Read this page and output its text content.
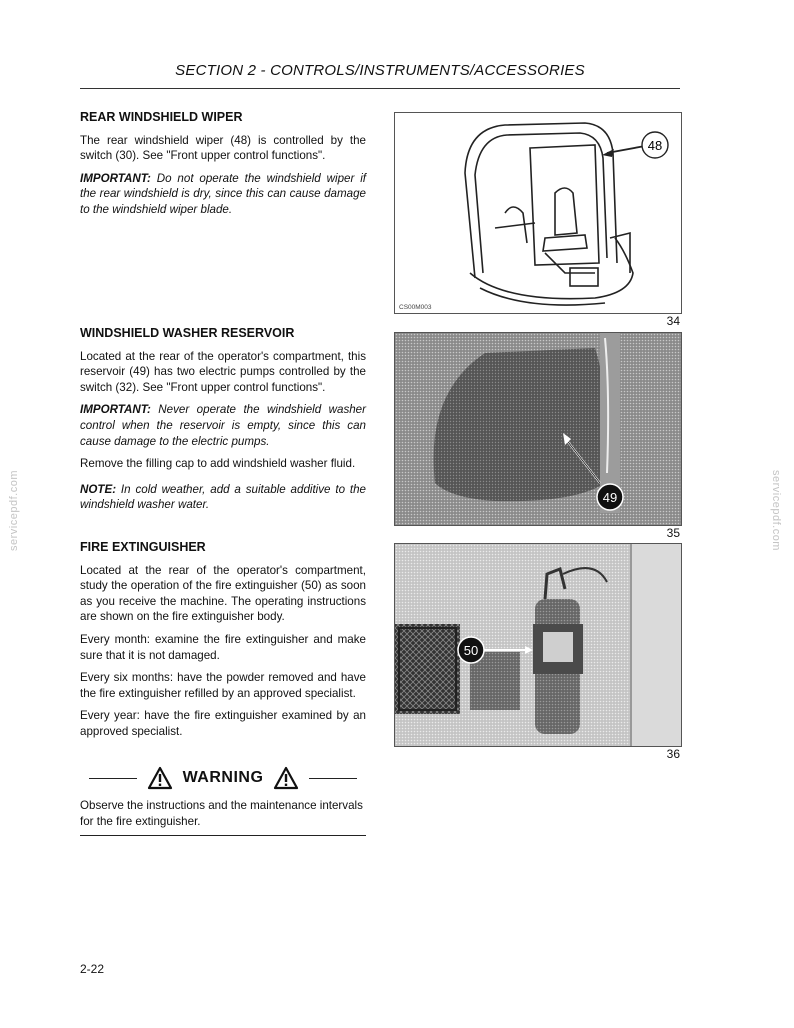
SECTION 2 - CONTROLS/INSTRUMENTS/ACCESSORIES
REAR WINDSHIELD WIPER

The rear windshield wiper (48) is controlled by the switch (30). See "Front upper control functions".

IMPORTANT: Do not operate the windshield wiper if the rear windshield is dry, since this can cause damage to the windshield wiper blade.

WINDSHIELD WASHER RESERVOIR

Located at the rear of the operator's compartment, this reservoir (49) has two electric pumps controlled by the switch (32). See "Front upper control functions".

IMPORTANT: Never operate the windshield washer control when the reservoir is empty, since this can cause damage to the electric pumps.

Remove the filling cap to add windshield washer fluid.

NOTE: In cold weather, add a suitable additive to the windshield washer water.

FIRE EXTINGUISHER

Located at the rear of the operator's compartment, study the operation of the fire extinguisher (50) as soon as you receive the machine. The operating instructions are shown on the fire extinguisher body.

Every month: examine the fire extinguisher and make sure that it is not damaged.

Every six months: have the powder removed and have the fire extinguisher refilled by an approved specialist.

Every year: have the fire extinguisher examined by an approved specialist.

WARNING
Observe the instructions and the maintenance intervals for the fire extinguisher.
48
CS00M003
34
49
35
50
36
servicepdf.com	servicepdf.com
2-22
